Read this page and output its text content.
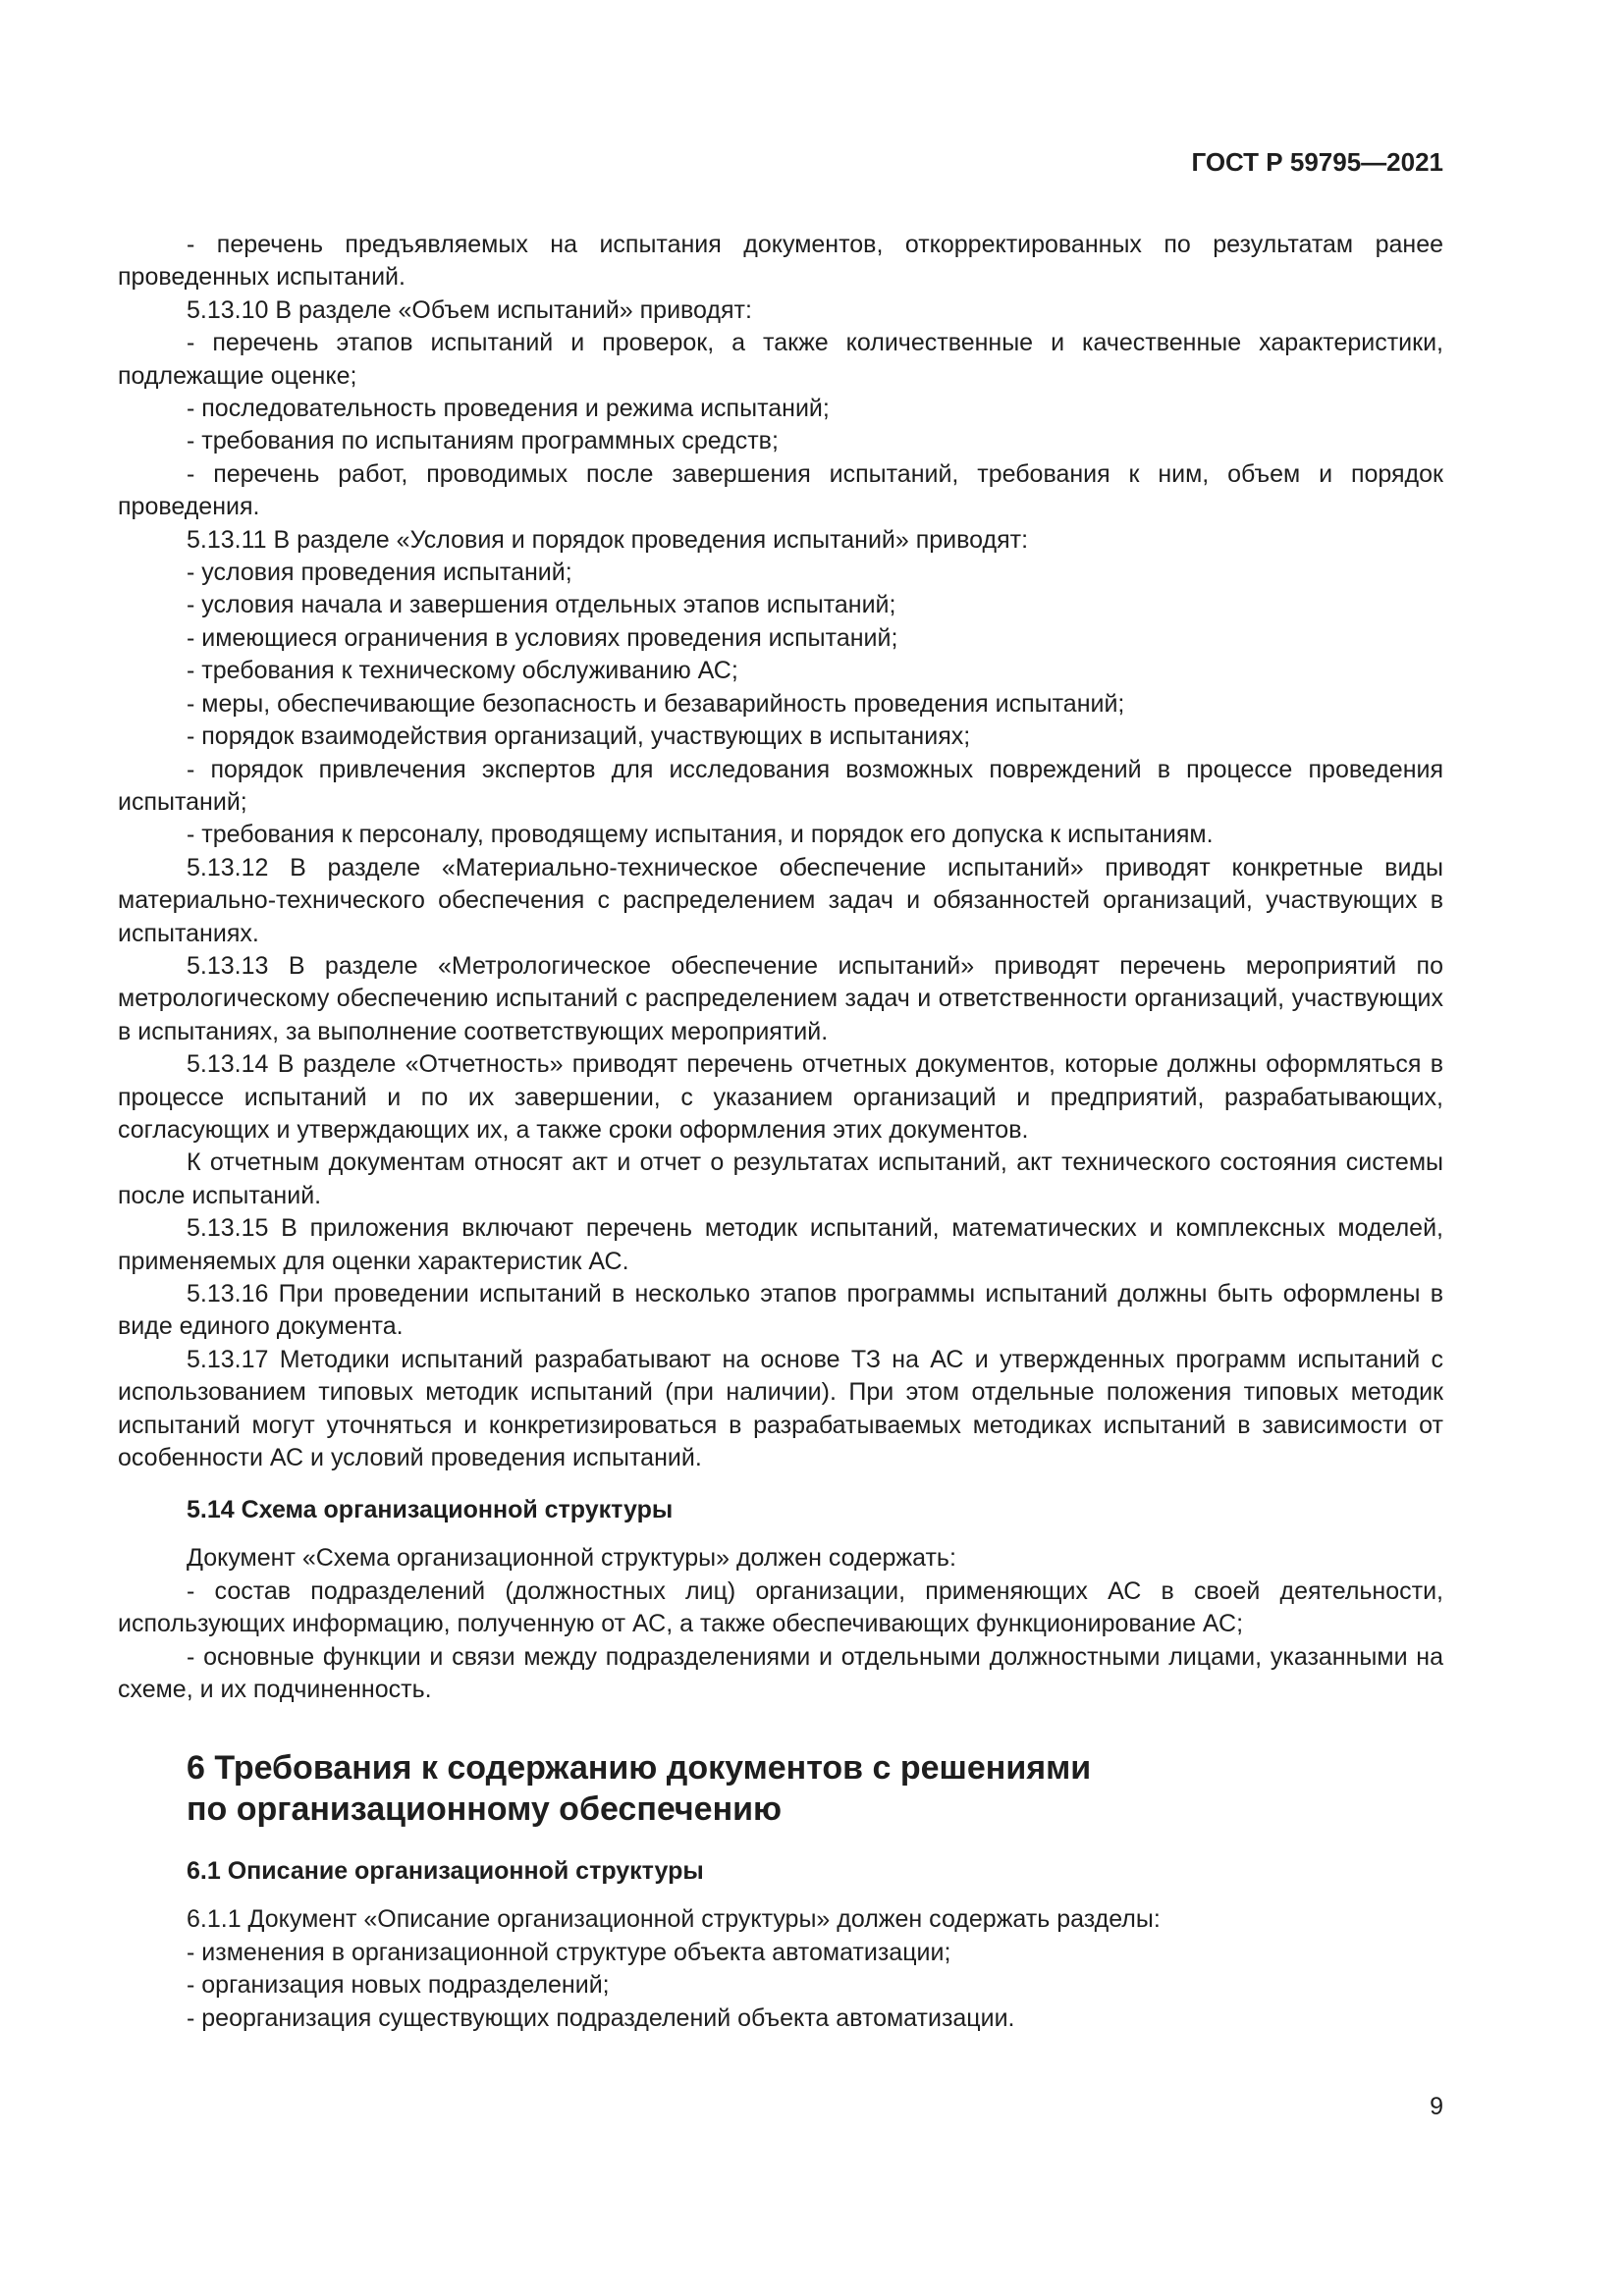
ГОСТ Р 59795—2021

- перечень предъявляемых на испытания документов, откорректированных по результатам ранее проведенных испытаний.

5.13.10 В разделе «Объем испытаний» приводят:

- перечень этапов испытаний и проверок, а также количественные и качественные характеристики, подлежащие оценке;

- последовательность проведения и режима испытаний;

- требования по испытаниям программных средств;

- перечень работ, проводимых после завершения испытаний, требования к ним, объем и порядок проведения.

5.13.11 В разделе «Условия и порядок проведения испытаний» приводят:

- условия проведения испытаний;

- условия начала и завершения отдельных этапов испытаний;

- имеющиеся ограничения в условиях проведения испытаний;

- требования к техническому обслуживанию АС;

- меры, обеспечивающие безопасность и безаварийность проведения испытаний;

- порядок взаимодействия организаций, участвующих в испытаниях;

- порядок привлечения экспертов для исследования возможных повреждений в процессе проведения испытаний;

- требования к персоналу, проводящему испытания, и порядок его допуска к испытаниям.

5.13.12 В разделе «Материально-техническое обеспечение испытаний» приводят конкретные виды материально-технического обеспечения с распределением задач и обязанностей организаций, участвующих в испытаниях.

5.13.13 В разделе «Метрологическое обеспечение испытаний» приводят перечень мероприятий по метрологическому обеспечению испытаний с распределением задач и ответственности организаций, участвующих в испытаниях, за выполнение соответствующих мероприятий.

5.13.14 В разделе «Отчетность» приводят перечень отчетных документов, которые должны оформляться в процессе испытаний и по их завершении, с указанием организаций и предприятий, разрабатывающих, согласующих и утверждающих их, а также сроки оформления этих документов.

К отчетным документам относят акт и отчет о результатах испытаний, акт технического состояния системы после испытаний.

5.13.15 В приложения включают перечень методик испытаний, математических и комплексных моделей, применяемых для оценки характеристик АС.

5.13.16 При проведении испытаний в несколько этапов программы испытаний должны быть оформлены в виде единого документа.

5.13.17 Методики испытаний разрабатывают на основе ТЗ на АС и утвержденных программ испытаний с использованием типовых методик испытаний (при наличии). При этом отдельные положения типовых методик испытаний могут уточняться и конкретизироваться в разрабатываемых методиках испытаний в зависимости от особенности АС и условий проведения испытаний.

5.14 Схема организационной структуры

Документ «Схема организационной структуры» должен содержать:

- состав подразделений (должностных лиц) организации, применяющих АС в своей деятельности, использующих информацию, полученную от АС, а также обеспечивающих функционирование АС;

- основные функции и связи между подразделениями и отдельными должностными лицами, указанными на схеме, и их подчиненность.

6 Требования к содержанию документов с решениями
по организационному обеспечению
6.1 Описание организационной структуры

6.1.1 Документ «Описание организационной структуры» должен содержать разделы:

- изменения в организационной структуре объекта автоматизации;

- организация новых подразделений;

- реорганизация существующих подразделений объекта автоматизации.

9
